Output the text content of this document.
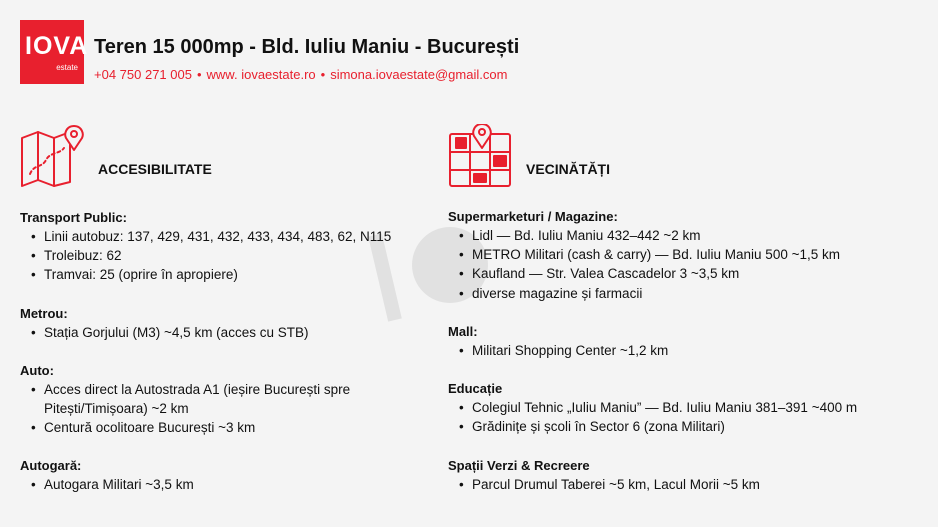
IOVA
estate
Teren 15 000mp - Bld. Iuliu Maniu - București
+04 750 271 005 • www. iovaestate.ro • simona.iovaestate@gmail.com
ACCESIBILITATE
Transport Public:
• Linii autobuz: 137, 429, 431, 432, 433, 434, 483, 62, N115
• Troleibuz: 62
• Tramvai: 25 (oprire în apropiere)
Metrou:
• Stația Gorjului (M3) ~4,5 km (acces cu STB)
Auto:
• Acces direct la Autostrada A1 (ieșire București spre
Pitești/Timișoara) ~2 km
• Centură ocolitoare București ~3 km
Autogară:
• Autogara Militari ~3,5 km
VECINĂTĂȚI
Supermarketuri / Magazine:
• Lidl — Bd. Iuliu Maniu 432–442 ~2 km
• METRO Militari (cash & carry) — Bd. Iuliu Maniu 500 ~1,5 km
• Kaufland — Str. Valea Cascadelor 3 ~3,5 km
• diverse magazine și farmacii
Mall:
• Militari Shopping Center ~1,2 km
Educație
• Colegiul Tehnic „Iuliu Maniu” — Bd. Iuliu Maniu 381–391 ~400 m
• Grădinițe și școli în Sector 6 (zona Militari)
Spații Verzi & Recreere
• Parcul Drumul Taberei ~5 km, Lacul Morii ~5 km
